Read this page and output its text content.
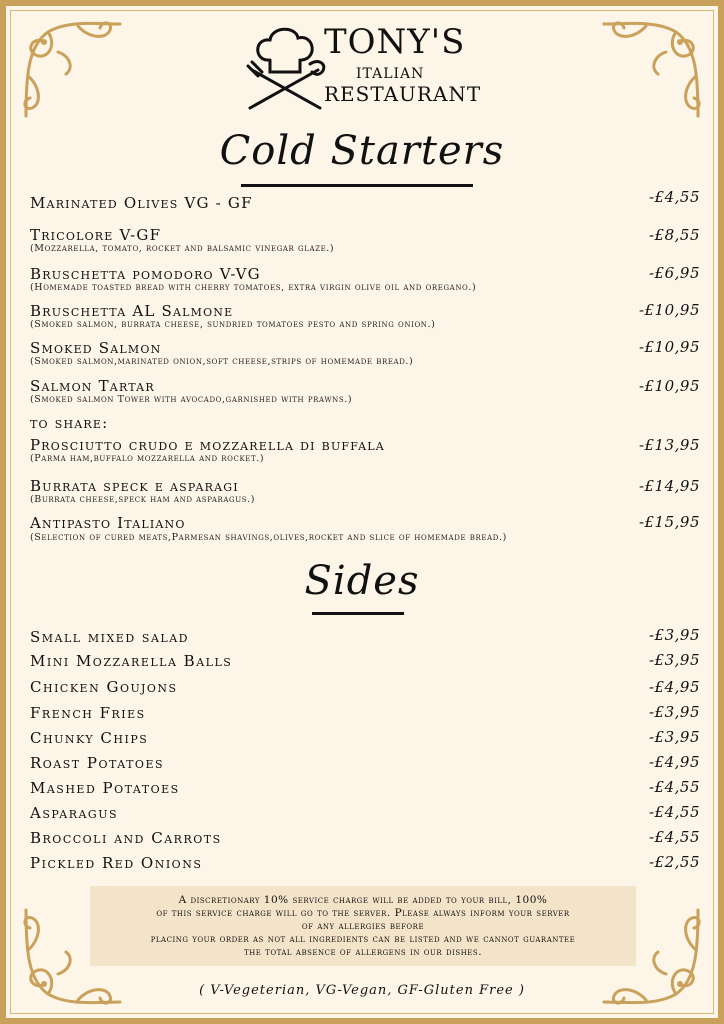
TONY'S
ITALIAN
RESTAURANT
Cold Starters
Marinated Olives VG - GF	-£4,55
Tricolore V-GF
(Mozzarella, tomato, rocket and balsamic vinegar glaze.)
-£8,55
Bruschetta pomodoro V-VG
(Homemade toasted bread with cherry tomatoes, extra virgin olive oil and oregano.)
-£6,95
Bruschetta AL Salmone
(Smoked salmon, burrata cheese, sundried tomatoes pesto and spring onion.)
-£10,95
Smoked Salmon
(Smoked salmon,marinated onion,soft cheese,strips of homemade bread.)
-£10,95
Salmon Tartar
(Smoked salmon Tower with avocado,garnished with prawns.)
-£10,95
to share:
Prosciutto crudo e mozzarella di buffala
(Parma ham,buffalo mozzarella and rocket.)
-£13,95
Burrata speck e asparagi
(Burrata cheese,speck ham and asparagus.)
-£14,95
Antipasto Italiano
(Selection of cured meats,Parmesan shavings,olives,rocket and slice of homemade bread.)
-£15,95
Sides
Small mixed salad	-£3,95
Mini Mozzarella Balls	-£3,95
Chicken Goujons	-£4,95
French Fries	-£3,95
Chunky Chips	-£3,95
Roast Potatoes	-£4,95
Mashed Potatoes	-£4,55
Asparagus	-£4,55
Broccoli and Carrots	-£4,55
Pickled Red Onions	-£2,55
A discretionary 10% service charge will be added to your bill, 100%
of this service charge will go to the server. Please always inform your server
of any allergies before
placing your order as not all ingredients can be listed and we cannot guarantee
the total absence of allergens in our dishes.
( V-Vegeterian, VG-Vegan, GF-Gluten Free )
